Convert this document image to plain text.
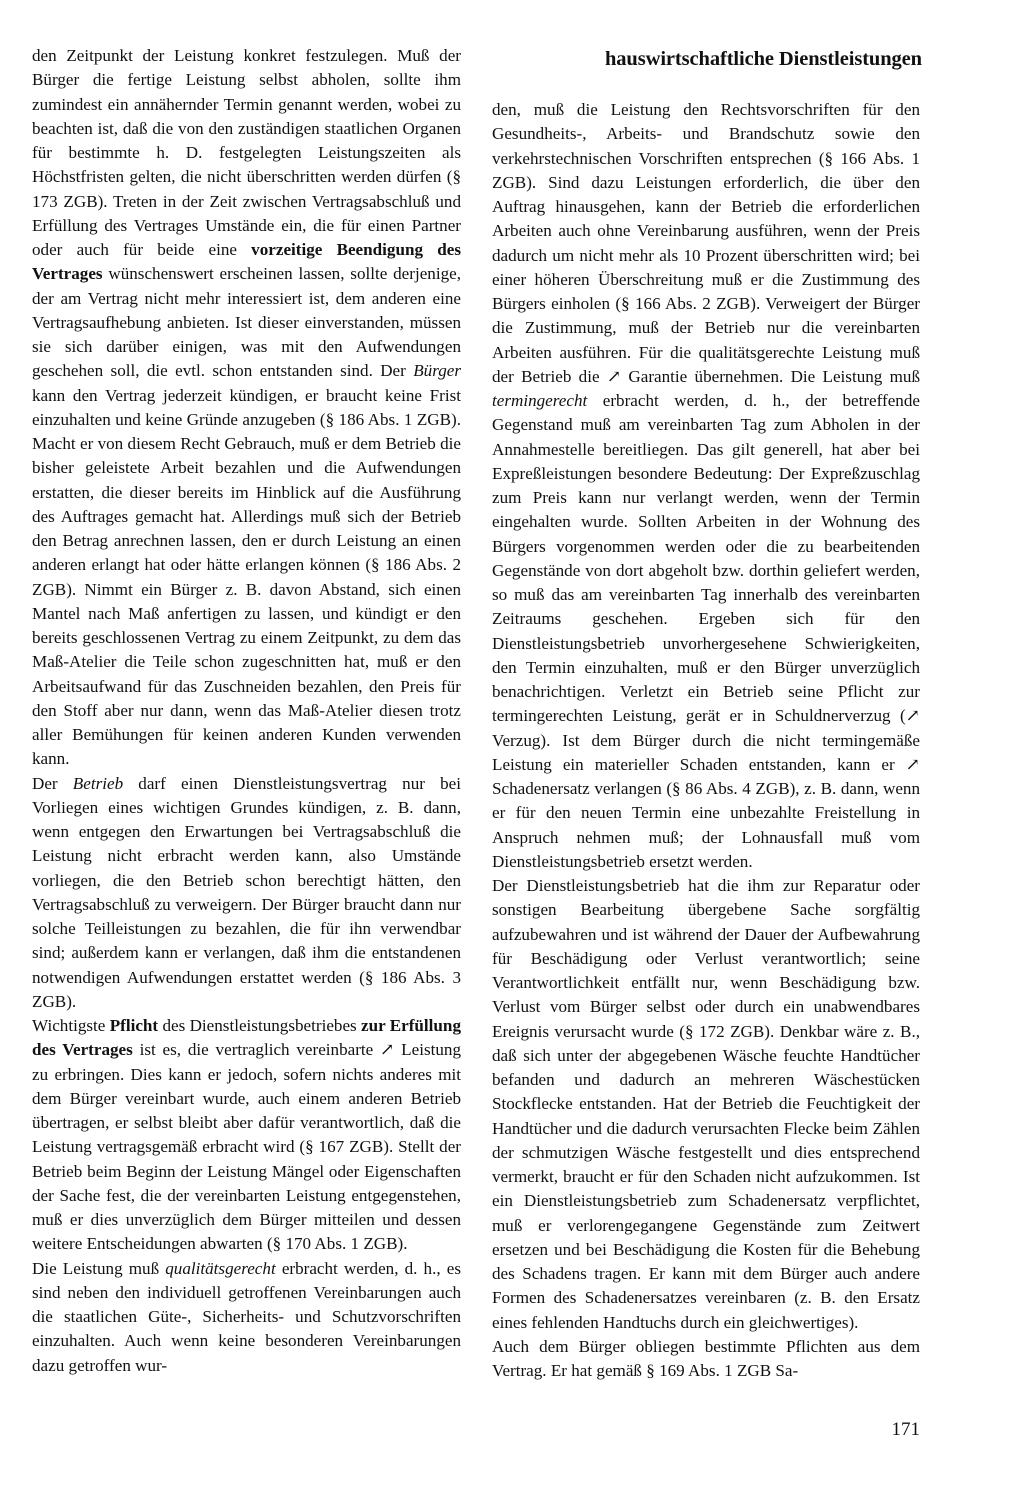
hauswirtschaftliche Dienstleistungen

den Zeitpunkt der Leistung konkret festzulegen. Muß der Bürger die fertige Leistung selbst abholen, sollte ihm zumindest ein annähernder Termin genannt werden, wobei zu beachten ist, daß die von den zuständigen staatlichen Organen für bestimmte h. D. festgelegten Leistungszeiten als Höchstfristen gelten, die nicht überschritten werden dürfen (§ 173 ZGB). Treten in der Zeit zwischen Vertragsabschluß und Erfüllung des Vertrages Umstände ein, die für einen Partner oder auch für beide eine vorzeitige Beendigung des Vertrages wünschenswert erscheinen lassen, sollte derjenige, der am Vertrag nicht mehr interessiert ist, dem anderen eine Vertragsaufhebung anbieten. Ist dieser einverstanden, müssen sie sich darüber einigen, was mit den Aufwendungen geschehen soll, die evtl. schon entstanden sind. Der Bürger kann den Vertrag jederzeit kündigen, er braucht keine Frist einzuhalten und keine Gründe anzugeben (§ 186 Abs. 1 ZGB). Macht er von diesem Recht Gebrauch, muß er dem Betrieb die bisher geleistete Arbeit bezahlen und die Aufwendungen erstatten, die dieser bereits im Hinblick auf die Ausführung des Auftrages gemacht hat. Allerdings muß sich der Betrieb den Betrag anrechnen lassen, den er durch Leistung an einen anderen erlangt hat oder hätte erlangen können (§ 186 Abs. 2 ZGB). Nimmt ein Bürger z. B. davon Abstand, sich einen Mantel nach Maß anfertigen zu lassen, und kündigt er den bereits geschlossenen Vertrag zu einem Zeitpunkt, zu dem das Maß-Atelier die Teile schon zugeschnitten hat, muß er den Arbeitsaufwand für das Zuschneiden bezahlen, den Preis für den Stoff aber nur dann, wenn das Maß-Atelier diesen trotz aller Bemühungen für keinen anderen Kunden verwenden kann.

Der Betrieb darf einen Dienstleistungsvertrag nur bei Vorliegen eines wichtigen Grundes kündigen, z. B. dann, wenn entgegen den Erwartungen bei Vertragsabschluß die Leistung nicht erbracht werden kann, also Umstände vorliegen, die den Betrieb schon berechtigt hätten, den Vertragsabschluß zu verweigern. Der Bürger braucht dann nur solche Teilleistungen zu bezahlen, die für ihn verwendbar sind; außerdem kann er verlangen, daß ihm die entstandenen notwendigen Aufwendungen erstattet werden (§ 186 Abs. 3 ZGB).

Wichtigste Pflicht des Dienstleistungsbetriebes zur Erfüllung des Vertrages ist es, die vertraglich vereinbarte ↗ Leistung zu erbringen. Dies kann er jedoch, sofern nichts anderes mit dem Bürger vereinbart wurde, auch einem anderen Betrieb übertragen, er selbst bleibt aber dafür verantwortlich, daß die Leistung vertragsgemäß erbracht wird (§ 167 ZGB). Stellt der Betrieb beim Beginn der Leistung Mängel oder Eigenschaften der Sache fest, die der vereinbarten Leistung entgegenstehen, muß er dies unverzüglich dem Bürger mitteilen und dessen weitere Entscheidungen abwarten (§ 170 Abs. 1 ZGB).

Die Leistung muß qualitätsgerecht erbracht werden, d. h., es sind neben den individuell getroffenen Vereinbarungen auch die staatlichen Güte-, Sicherheits- und Schutzvorschriften einzuhalten. Auch wenn keine besonderen Vereinbarungen dazu getroffen wur-

den, muß die Leistung den Rechtsvorschriften für den Gesundheits-, Arbeits- und Brandschutz sowie den verkehrstechnischen Vorschriften entsprechen (§ 166 Abs. 1 ZGB). Sind dazu Leistungen erforderlich, die über den Auftrag hinausgehen, kann der Betrieb die erforderlichen Arbeiten auch ohne Vereinbarung ausführen, wenn der Preis dadurch um nicht mehr als 10 Prozent überschritten wird; bei einer höheren Überschreitung muß er die Zustimmung des Bürgers einholen (§ 166 Abs. 2 ZGB). Verweigert der Bürger die Zustimmung, muß der Betrieb nur die vereinbarten Arbeiten ausführen. Für die qualitätsgerechte Leistung muß der Betrieb die ↗ Garantie übernehmen. Die Leistung muß termingerecht erbracht werden, d. h., der betreffende Gegenstand muß am vereinbarten Tag zum Abholen in der Annahmestelle bereitliegen. Das gilt generell, hat aber bei Expreßleistungen besondere Bedeutung: Der Expreßzuschlag zum Preis kann nur verlangt werden, wenn der Termin eingehalten wurde. Sollten Arbeiten in der Wohnung des Bürgers vorgenommen werden oder die zu bearbeitenden Gegenstände von dort abgeholt bzw. dorthin geliefert werden, so muß das am vereinbarten Tag innerhalb des vereinbarten Zeitraums geschehen. Ergeben sich für den Dienstleistungsbetrieb unvorhergesehene Schwierigkeiten, den Termin einzuhalten, muß er den Bürger unverzüglich benachrichtigen. Verletzt ein Betrieb seine Pflicht zur termingerechten Leistung, gerät er in Schuldnerverzug (↗ Verzug). Ist dem Bürger durch die nicht termingemäße Leistung ein materieller Schaden entstanden, kann er ↗ Schadenersatz verlangen (§ 86 Abs. 4 ZGB), z. B. dann, wenn er für den neuen Termin eine unbezahlte Freistellung in Anspruch nehmen muß; der Lohnausfall muß vom Dienstleistungsbetrieb ersetzt werden.

Der Dienstleistungsbetrieb hat die ihm zur Reparatur oder sonstigen Bearbeitung übergebene Sache sorgfältig aufzubewahren und ist während der Dauer der Aufbewahrung für Beschädigung oder Verlust verantwortlich; seine Verantwortlichkeit entfällt nur, wenn Beschädigung bzw. Verlust vom Bürger selbst oder durch ein unabwendbares Ereignis verursacht wurde (§ 172 ZGB). Denkbar wäre z. B., daß sich unter der abgegebenen Wäsche feuchte Handtücher befanden und dadurch an mehreren Wäschestücken Stockflecke entstanden. Hat der Betrieb die Feuchtigkeit der Handtücher und die dadurch verursachten Flecke beim Zählen der schmutzigen Wäsche festgestellt und dies entsprechend vermerkt, braucht er für den Schaden nicht aufzukommen. Ist ein Dienstleistungsbetrieb zum Schadenersatz verpflichtet, muß er verlorengegangene Gegenstände zum Zeitwert ersetzen und bei Beschädigung die Kosten für die Behebung des Schadens tragen. Er kann mit dem Bürger auch andere Formen des Schadenersatzes vereinbaren (z. B. den Ersatz eines fehlenden Handtuchs durch ein gleichwertiges).

Auch dem Bürger obliegen bestimmte Pflichten aus dem Vertrag. Er hat gemäß § 169 Abs. 1 ZGB Sa-

171
